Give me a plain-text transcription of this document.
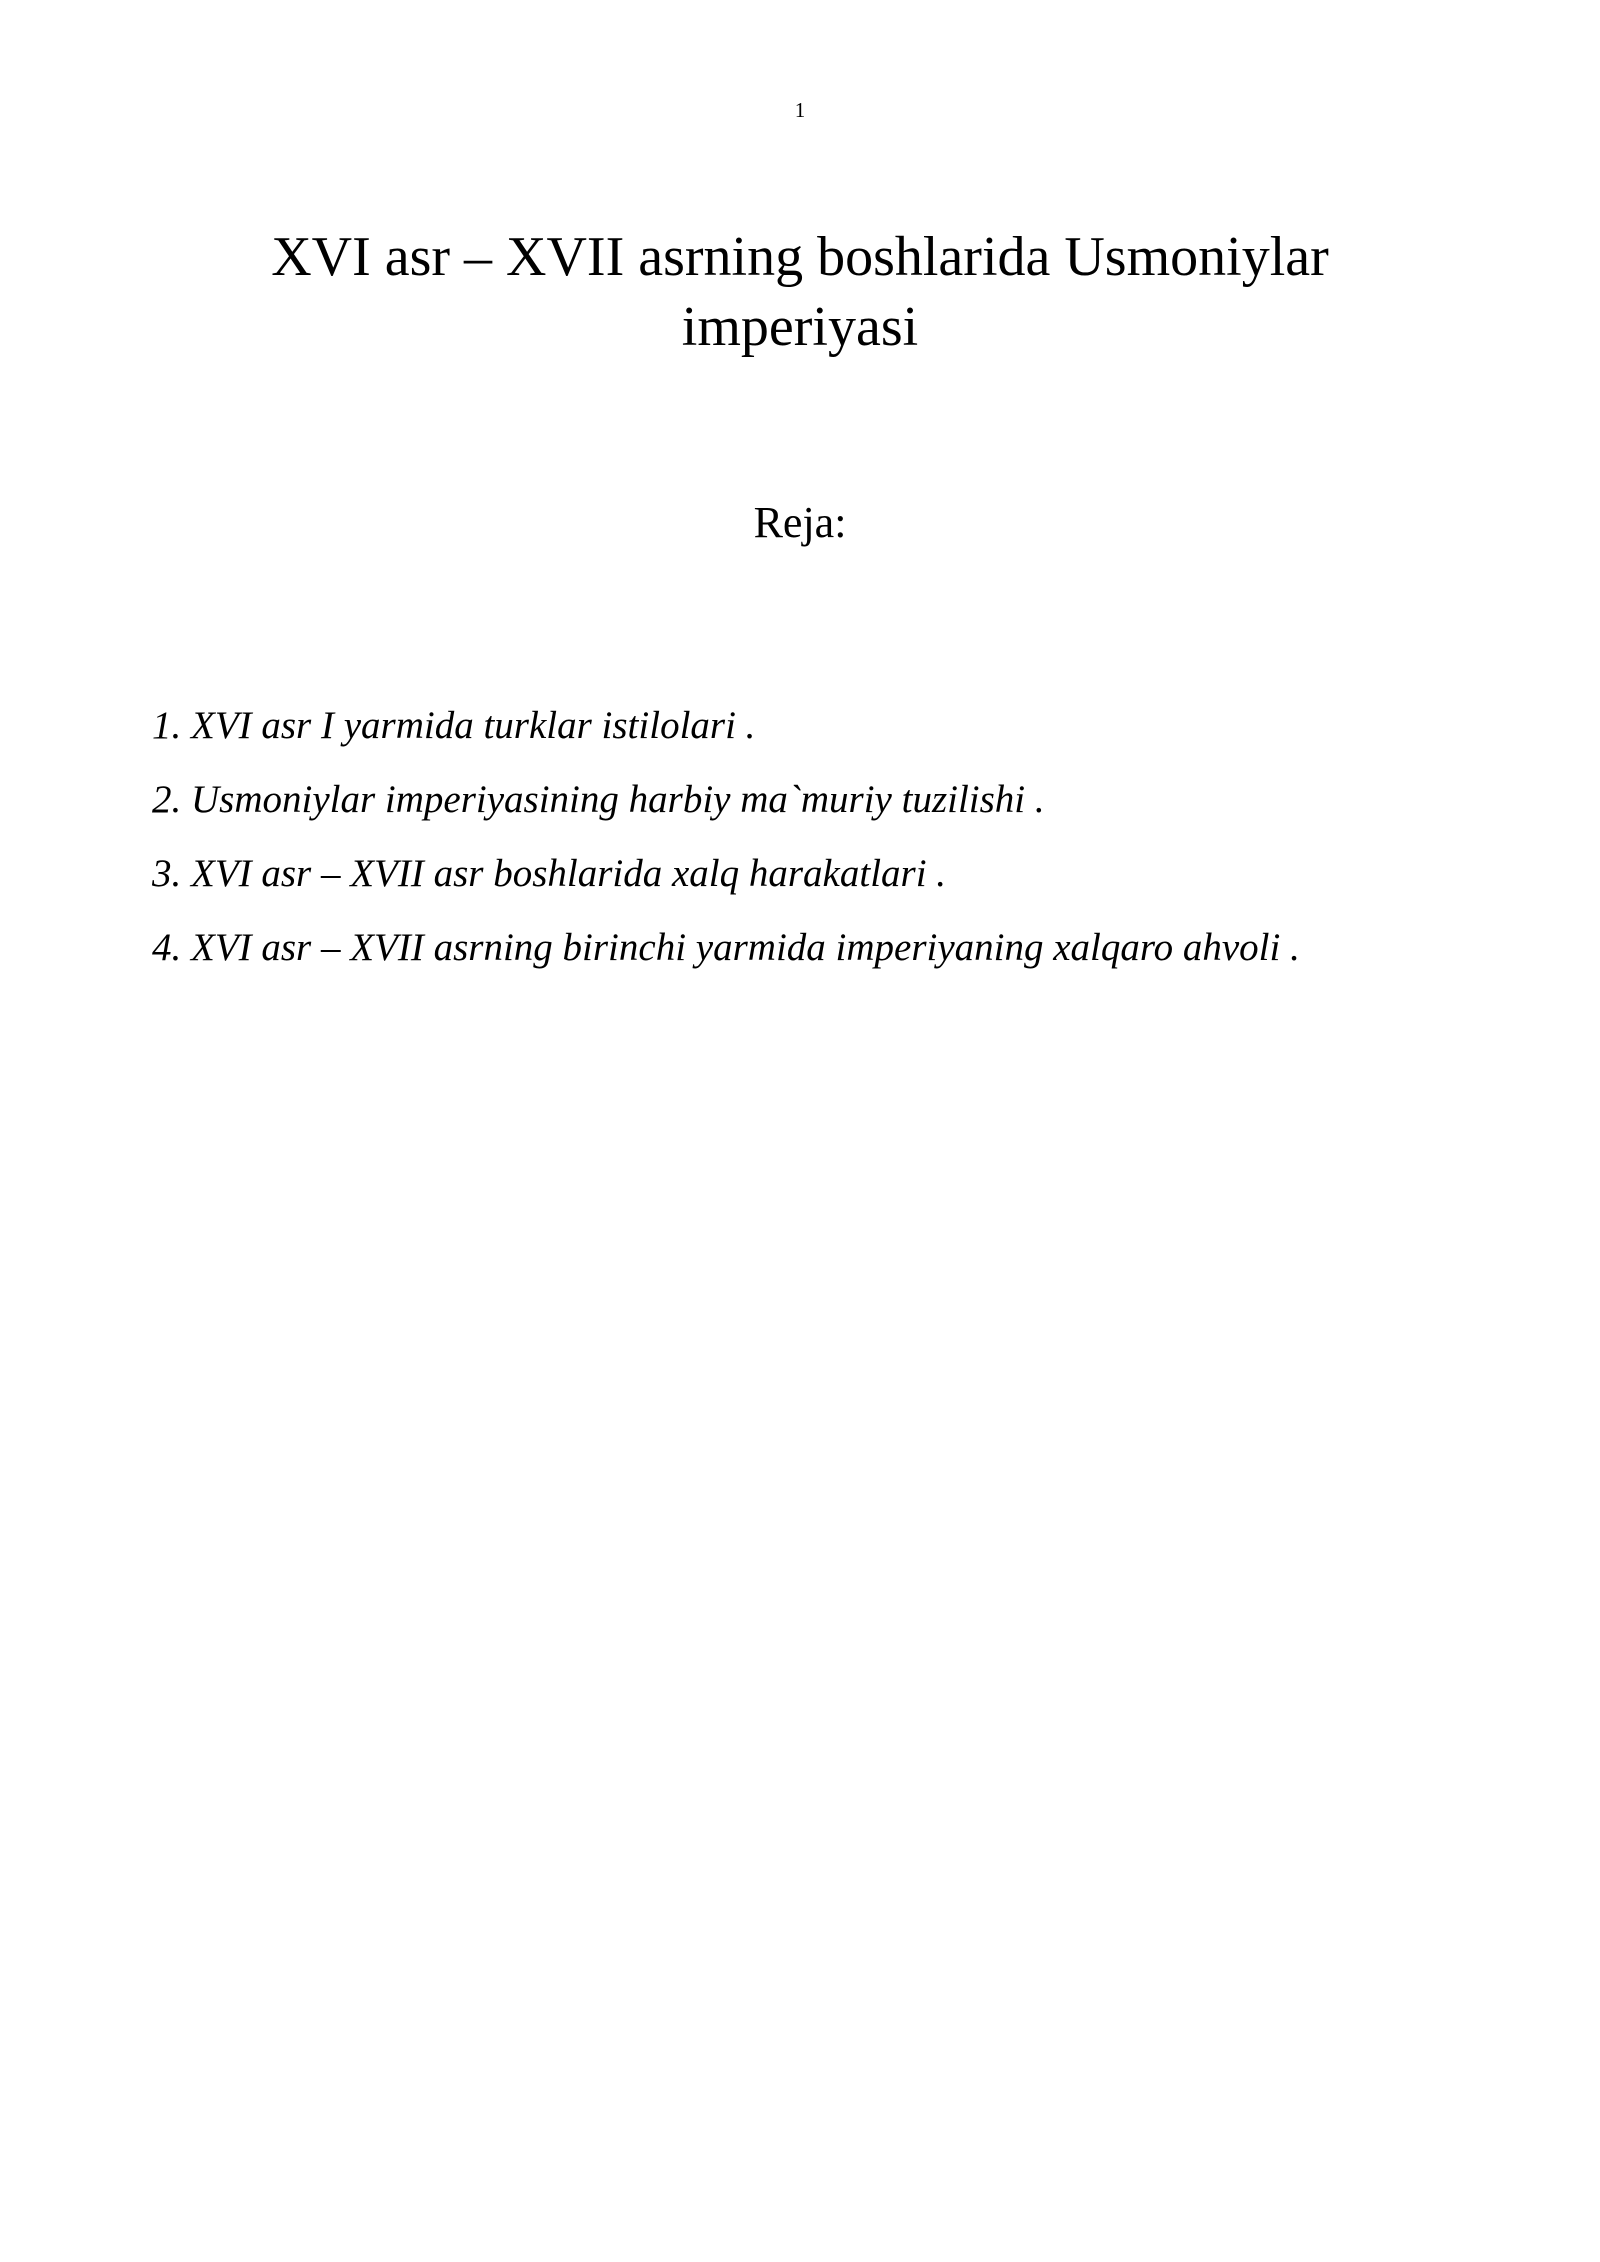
1
XVI asr – XVII asrning boshlarida Usmoniylar imperiyasi
Reja:
1. XVI asr I yarmida turklar istilolari .
2. Usmoniylar imperiyasining harbiy ma`muriy tuzilishi .
3. XVI asr – XVII asr boshlarida xalq harakatlari .
4. XVI asr – XVII asrning birinchi yarmida imperiyaning xalqaro ahvoli .
